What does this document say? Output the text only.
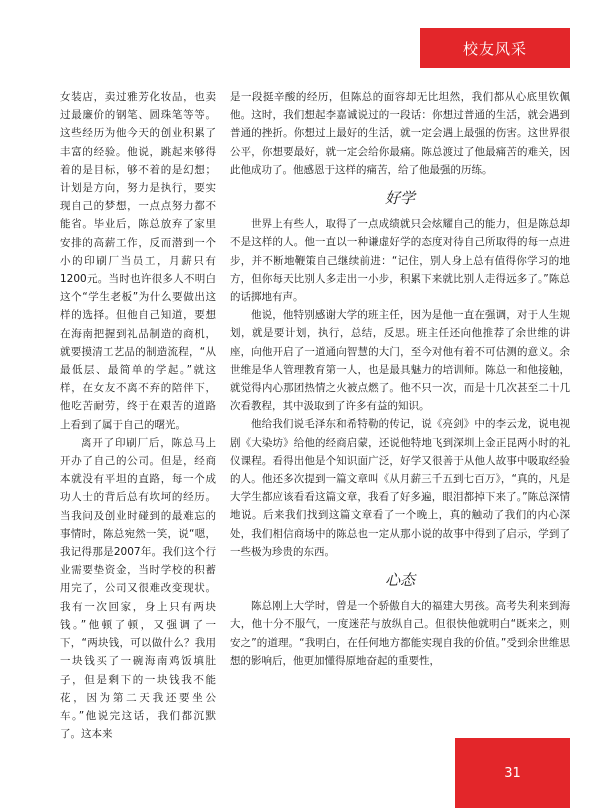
校友风采

女装店，卖过雅芳化妆品，也卖过最廉价的钢笔、圆珠笔等等。这些经历为他今天的创业积累了丰富的经验。他说，跳起来够得着的是目标，够不着的是幻想；计划是方向，努力是执行，要实现自己的梦想，一点点努力都不能省。毕业后，陈总放弃了家里安排的高薪工作，反而潜到一个小的印刷厂当员工，月薪只有1200元。当时也许很多人不明白这个“学生老板”为什么要做出这样的选择。但他自己知道，要想在海南把握到礼品制造的商机，就要摸清工艺品的制造流程，“从最低层、最简单的学起。”就这样，在女友不离不弃的陪伴下，他吃苦耐劳，终于在艰苦的道路上看到了属于自己的曙光。

离开了印刷厂后，陈总马上开办了自己的公司。但是，经商本就没有平坦的直路，每一个成功人士的背后总有坎坷的经历。当我问及创业时碰到的最难忘的事情时，陈总宛然一笑，说“嗯，我记得那是2007年。我们这个行业需要垫资金，当时学校的积蓄用完了，公司又很难改变现状。我有一次回家，身上只有两块钱。”他顿了顿，又强调了一下，“两块钱，可以做什么？我用一块钱买了一碗海南鸡饭填肚子，但是剩下的一块钱我不能花，因为第二天我还要坐公车。”他说完这话，我们都沉默了。这本来

是一段挺辛酸的经历，但陈总的面容却无比坦然，我们都从心底里钦佩他。这时，我们想起李嘉诚说过的一段话：你想过普通的生活，就会遇到普通的挫折。你想过上最好的生活，就一定会遇上最强的伤害。这世界很公平，你想要最好，就一定会给你最痛。陈总渡过了他最痛苦的难关，因此他成功了。他感恩于这样的痛苦，给了他最强的历练。

好学

世界上有些人，取得了一点成绩就只会炫耀自己的能力，但是陈总却不是这样的人。他一直以一种谦虚好学的态度对待自己所取得的每一点进步，并不断地鞭策自己继续前进：“记住，别人身上总有值得你学习的地方，但你每天比别人多走出一小步，积累下来就比别人走得远多了。”陈总的话掷地有声。

他说，他特别感谢大学的班主任，因为是他一直在强调，对于人生规划，就是要计划，执行，总结，反思。班主任还向他推荐了余世维的讲座，向他开启了一道通向智慧的大门，至今对他有着不可估测的意义。余世维是华人管理教育第一人，也是最具魅力的培训师。陈总一和他接触，就觉得内心那团热情之火被点燃了。他不只一次，而是十几次甚至二十几次看教程，其中汲取到了许多有益的知识。

他给我们说毛泽东和希特勒的传记，说《亮剑》中的李云龙，说电视剧《大染坊》给他的经商启蒙，还说他特地飞到深圳上金正昆两小时的礼仪课程。看得出他是个知识面广泛，好学又很善于从他人故事中吸取经验的人。他还多次提到一篇文章叫《从月薪三千五到七百万》，“真的，凡是大学生都应该看看这篇文章，我看了好多遍，眼泪都掉下来了。”陈总深情地说。后来我们找到这篇文章看了一个晚上，真的触动了我们的内心深处，我们相信商场中的陈总也一定从那小说的故事中得到了启示，学到了一些极为珍贵的东西。

心态

陈总刚上大学时，曾是一个骄傲自大的福建大男孩。高考失利来到海大，他十分不服气，一度迷茫与放纵自己。但很快他就明白“既来之，则安之”的道理。“我明白，在任何地方都能实现自我的价值。”受到余世维思想的影响后，他更加懂得原地奋起的重要性，

31
